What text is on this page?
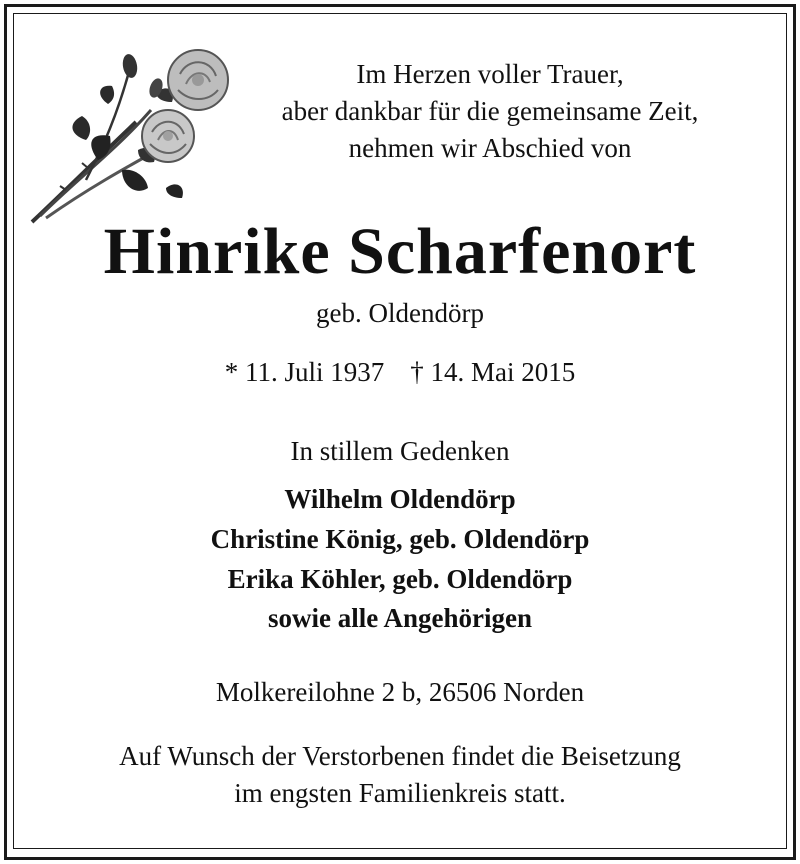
Im Herzen voller Trauer,
aber dankbar für die gemeinsame Zeit,
nehmen wir Abschied von
Hinrike Scharfenort
geb. Oldendörp
* 11. Juli 1937 † 14. Mai 2015
In stillem Gedenken
Wilhelm Oldendörp
Christine König, geb. Oldendörp
Erika Köhler, geb. Oldendörp
sowie alle Angehörigen
Molkereilohne 2 b, 26506 Norden
Auf Wunsch der Verstorbenen findet die Beisetzung
im engsten Familienkreis statt.
